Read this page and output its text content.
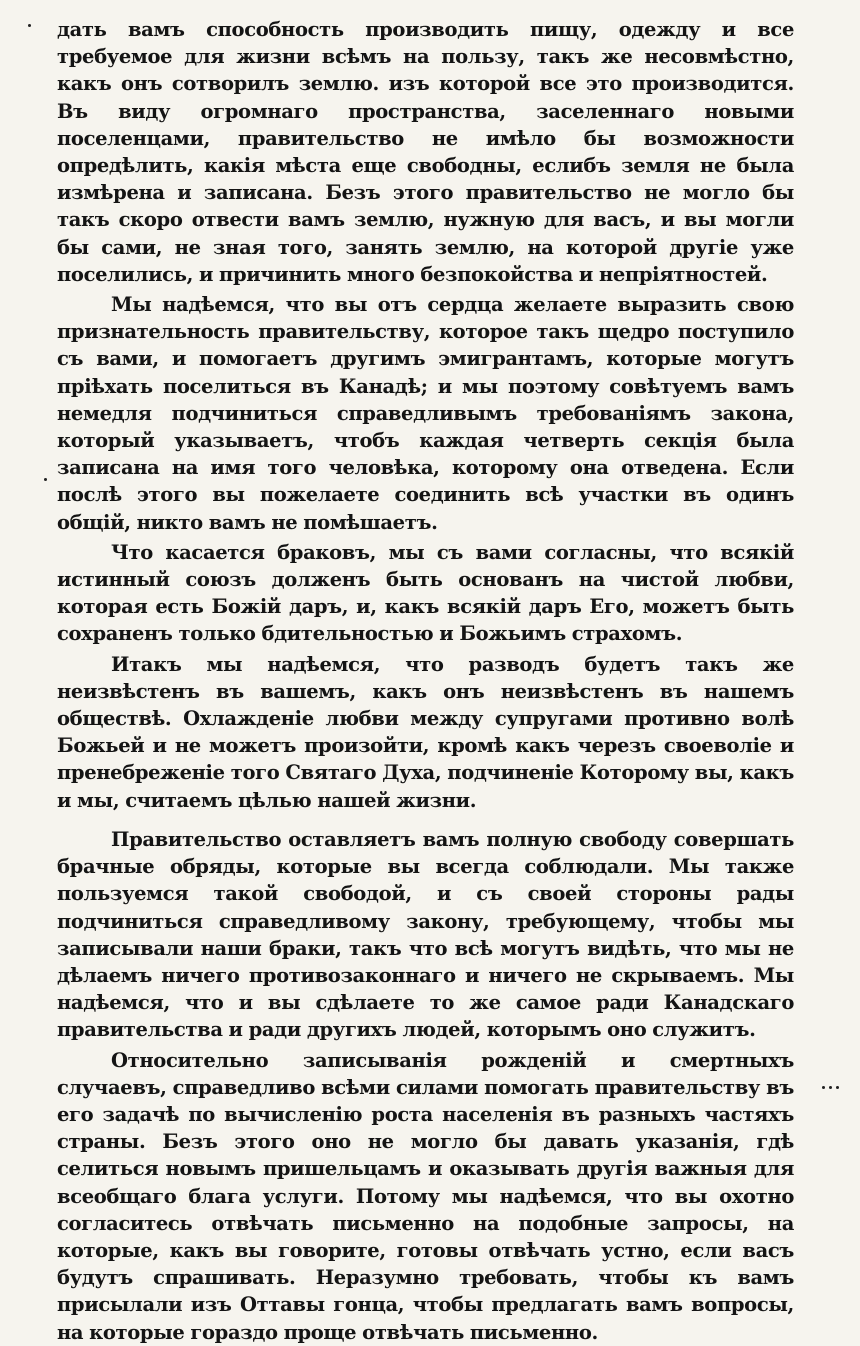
дать вамъ способность производить пищу, одежду и все требуемое для жизни всѣмъ на пользу, такъ же несовмѣстно, какъ онъ сотворилъ землю. изъ которой все это производится. Въ виду огромнаго пространства, заселеннаго новыми поселенцами, правительство не имѣло бы возможности опредѣлить, какія мѣста еще свободны, еслибъ земля не была измѣрена и записана. Безъ этого правительство не могло бы такъ скоро отвести вамъ землю, нужную для васъ, и вы могли бы сами, не зная того, занять землю, на которой другіе уже поселились, и причинить много безпокойства и непріятностей.

Мы надѣемся, что вы отъ сердца желаете выразить свою признательность правительству, которое такъ щедро поступило съ вами, и помогаетъ другимъ эмигрантамъ, которые могутъ пріѣхать поселиться въ Канадѣ; и мы поэтому совѣтуемъ вамъ немедля подчиниться справедливымъ требованіямъ закона, который указываетъ, чтобъ каждая четверть секція была записана на имя того человѣка, которому она отведена. Если послѣ этого вы пожелаете соединить всѣ участки въ одинъ общій, никто вамъ не помѣшаетъ.

Что касается браковъ, мы съ вами согласны, что всякій истинный союзъ долженъ быть основанъ на чистой любви, которая есть Божій даръ, и, какъ всякій даръ Его, можетъ быть сохраненъ только бдительностью и Божьимъ страхомъ.

Итакъ мы надѣемся, что разводъ будетъ такъ же неизвѣстенъ въ вашемъ, какъ онъ неизвѣстенъ въ нашемъ обществѣ. Охлажденіе любви между супругами противно волѣ Божьей и не можетъ произойти, кромѣ какъ черезъ своеволіе и пренебреженіе того Святаго Духа, подчиненіе Которому вы, какъ и мы, считаемъ цѣлью нашей жизни.

Правительство оставляетъ вамъ полную свободу совершать брачные обряды, которые вы всегда соблюдали. Мы также пользуемся такой свободой, и съ своей стороны рады подчиниться справедливому закону, требующему, чтобы мы записывали наши браки, такъ что всѣ могутъ видѣть, что мы не дѣлаемъ ничего противозаконнаго и ничего не скрываемъ. Мы надѣемся, что и вы сдѣлаете то же самое ради Канадскаго правительства и ради другихъ людей, которымъ оно служитъ.

Относительно записыванія рожденій и смертныхъ случаевъ, справедливо всѣми силами помогать правительству въ его задачѣ по вычисленію роста населенія въ разныхъ частяхъ страны. Безъ этого оно не могло бы давать указанія, гдѣ селиться новымъ пришельцамъ и оказывать другія важныя для всеобщаго блага услуги. Потому мы надѣемся, что вы охотно согласитесь отвѣчать письменно на подобные запросы, на которые, какъ вы говорите, готовы отвѣчать устно, если васъ будутъ спрашивать. Неразумно требовать, чтобы къ вамъ присылали изъ Оттавы гонца, чтобы предлагать вамъ вопросы, на которые гораздо проще отвѣчать письменно.
